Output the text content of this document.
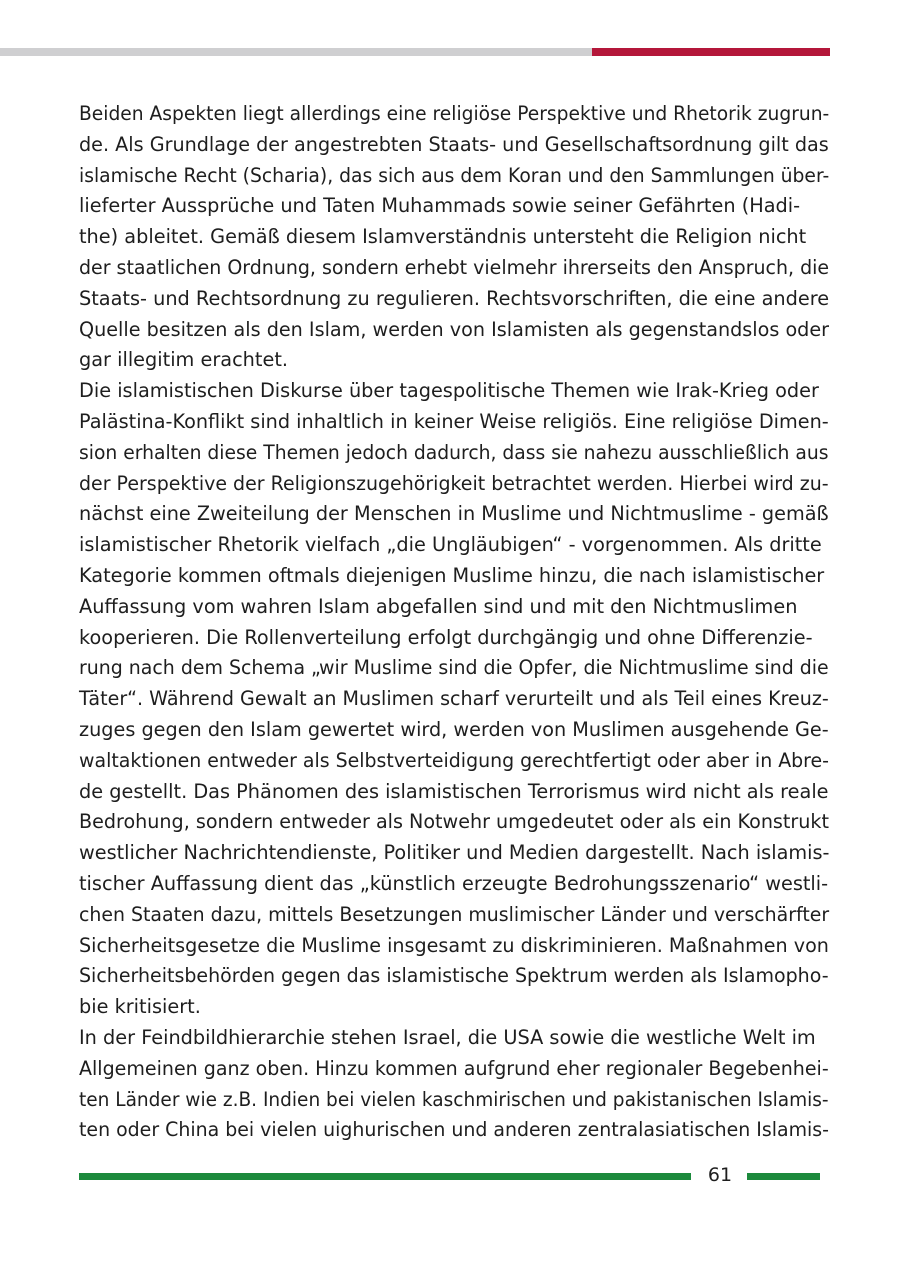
Beiden Aspekten liegt allerdings eine religiöse Perspektive und Rhetorik zugrun-
de. Als Grundlage der angestrebten Staats- und Gesellschaftsordnung gilt das
islamische Recht (Scharia), das sich aus dem Koran und den Sammlungen über-
lieferter Aussprüche und Taten Muhammads sowie seiner Gefährten (Hadi-
the) ableitet. Gemäß diesem Islamverständnis untersteht die Religion nicht
der staatlichen Ordnung, sondern erhebt vielmehr ihrerseits den Anspruch, die
Staats- und Rechtsordnung zu regulieren. Rechtsvorschriften, die eine andere
Quelle besitzen als den Islam, werden von Islamisten als gegenstandslos oder
gar illegitim erachtet.
Die islamistischen Diskurse über tagespolitische Themen wie Irak-Krieg oder
Palästina-Konflikt sind inhaltlich in keiner Weise religiös. Eine religiöse Dimen-
sion erhalten diese Themen jedoch dadurch, dass sie nahezu ausschließlich aus
der Perspektive der Religionszugehörigkeit betrachtet werden. Hierbei wird zu-
nächst eine Zweiteilung der Menschen in Muslime und Nichtmuslime - gemäß
islamistischer Rhetorik vielfach „die Ungläubigen“ - vorgenommen. Als dritte
Kategorie kommen oftmals diejenigen Muslime hinzu, die nach islamistischer
Auffassung vom wahren Islam abgefallen sind und mit den Nichtmuslimen
kooperieren. Die Rollenverteilung erfolgt durchgängig und ohne Differenzie-
rung nach dem Schema „wir Muslime sind die Opfer, die Nichtmuslime sind die
Täter“. Während Gewalt an Muslimen scharf verurteilt und als Teil eines Kreuz-
zuges gegen den Islam gewertet wird, werden von Muslimen ausgehende Ge-
waltaktionen entweder als Selbstverteidigung gerechtfertigt oder aber in Abre-
de gestellt. Das Phänomen des islamistischen Terrorismus wird nicht als reale
Bedrohung, sondern entweder als Notwehr umgedeutet oder als ein Konstrukt
westlicher Nachrichtendienste, Politiker und Medien dargestellt. Nach islamis-
tischer Auffassung dient das „künstlich erzeugte Bedrohungsszenario“ westli-
chen Staaten dazu, mittels Besetzungen muslimischer Länder und verschärfter
Sicherheitsgesetze die Muslime insgesamt zu diskriminieren. Maßnahmen von
Sicherheitsbehörden gegen das islamistische Spektrum werden als Islamopho-
bie kritisiert.
In der Feindbildhierarchie stehen Israel, die USA sowie die westliche Welt im
Allgemeinen ganz oben. Hinzu kommen aufgrund eher regionaler Begebenhei-
ten Länder wie z.B. Indien bei vielen kaschmirischen und pakistanischen Islamis-
ten oder China bei vielen uighurischen und anderen zentralasiatischen Islamis-
61
